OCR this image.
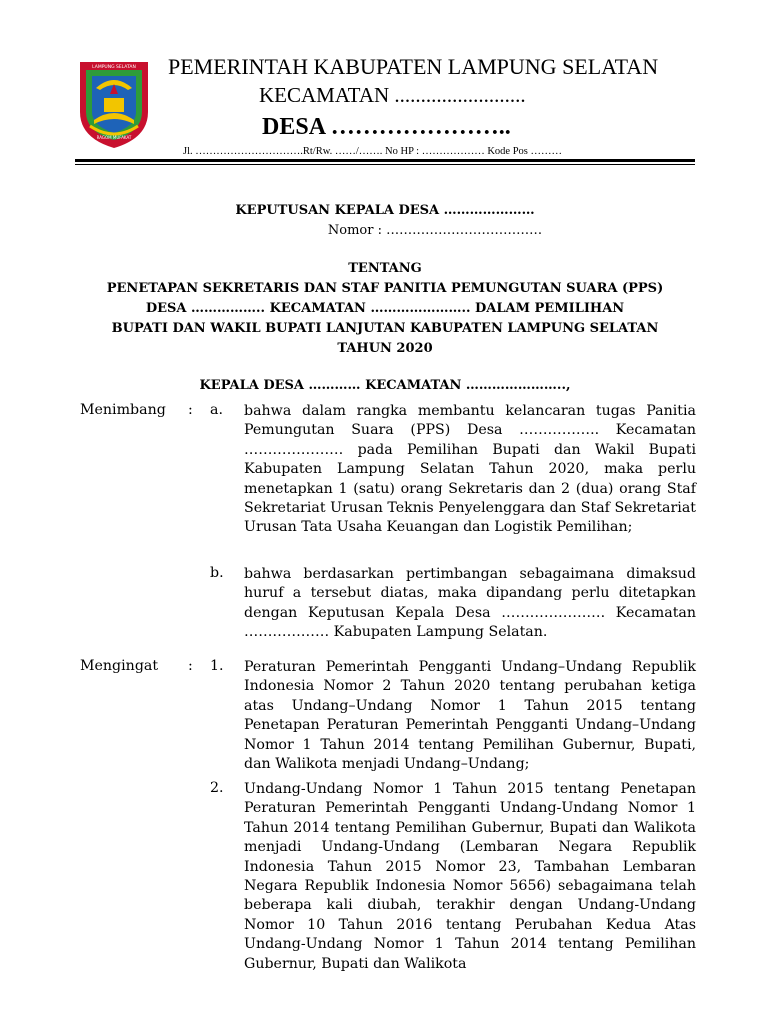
LAMPUNG SELATAN
RAGOM MUFAKAT
PEMERINTAH KABUPATEN LAMPUNG SELATAN
KECAMATAN .........................
DESA …………………..
Jl. ………………………….Rt/Rw. ……/……. No HP : ……………… Kode Pos ………
KEPUTUSAN KEPALA DESA …………………
Nomor : ………………………………
TENTANG
PENETAPAN SEKRETARIS DAN STAF PANITIA PEMUNGUTAN SUARA (PPS)
DESA …………….. KECAMATAN ………………….. DALAM PEMILIHAN
BUPATI DAN WAKIL BUPATI LANJUTAN KABUPATEN LAMPUNG SELATAN
TAHUN 2020
KEPALA DESA ………… KECAMATAN …………………..,
Menimbang : a. bahwa dalam rangka membantu kelancaran tugas Panitia Pemungutan Suara (PPS) Desa …………….. Kecamatan ………………… pada Pemilihan Bupati dan Wakil Bupati Kabupaten Lampung Selatan Tahun 2020, maka perlu menetapkan 1 (satu) orang Sekretaris dan 2 (dua) orang Staf Sekretariat Urusan Teknis Penyelenggara dan Staf Sekretariat Urusan Tata Usaha Keuangan dan Logistik Pemilihan;

b. bahwa berdasarkan pertimbangan sebagaimana dimaksud huruf a tersebut diatas, maka dipandang perlu ditetapkan dengan Keputusan Kepala Desa …………………. Kecamatan ……………… Kabupaten Lampung Selatan.

Mengingat : 1. Peraturan Pemerintah Pengganti Undang–Undang Republik Indonesia Nomor 2 Tahun 2020 tentang perubahan ketiga atas Undang–Undang Nomor 1 Tahun 2015 tentang Penetapan Peraturan Pemerintah Pengganti Undang–Undang Nomor 1 Tahun 2014 tentang Pemilihan Gubernur, Bupati, dan Walikota menjadi Undang–Undang;

2. Undang-Undang Nomor 1 Tahun 2015 tentang Penetapan Peraturan Pemerintah Pengganti Undang-Undang Nomor 1 Tahun 2014 tentang Pemilihan Gubernur, Bupati dan Walikota menjadi Undang-Undang (Lembaran Negara Republik Indonesia Tahun 2015 Nomor 23, Tambahan Lembaran Negara Republik Indonesia Nomor 5656) sebagaimana telah beberapa kali diubah, terakhir dengan Undang-Undang Nomor 10 Tahun 2016 tentang Perubahan Kedua Atas Undang-Undang Nomor 1 Tahun 2014 tentang Pemilihan Gubernur, Bupati dan Walikota
